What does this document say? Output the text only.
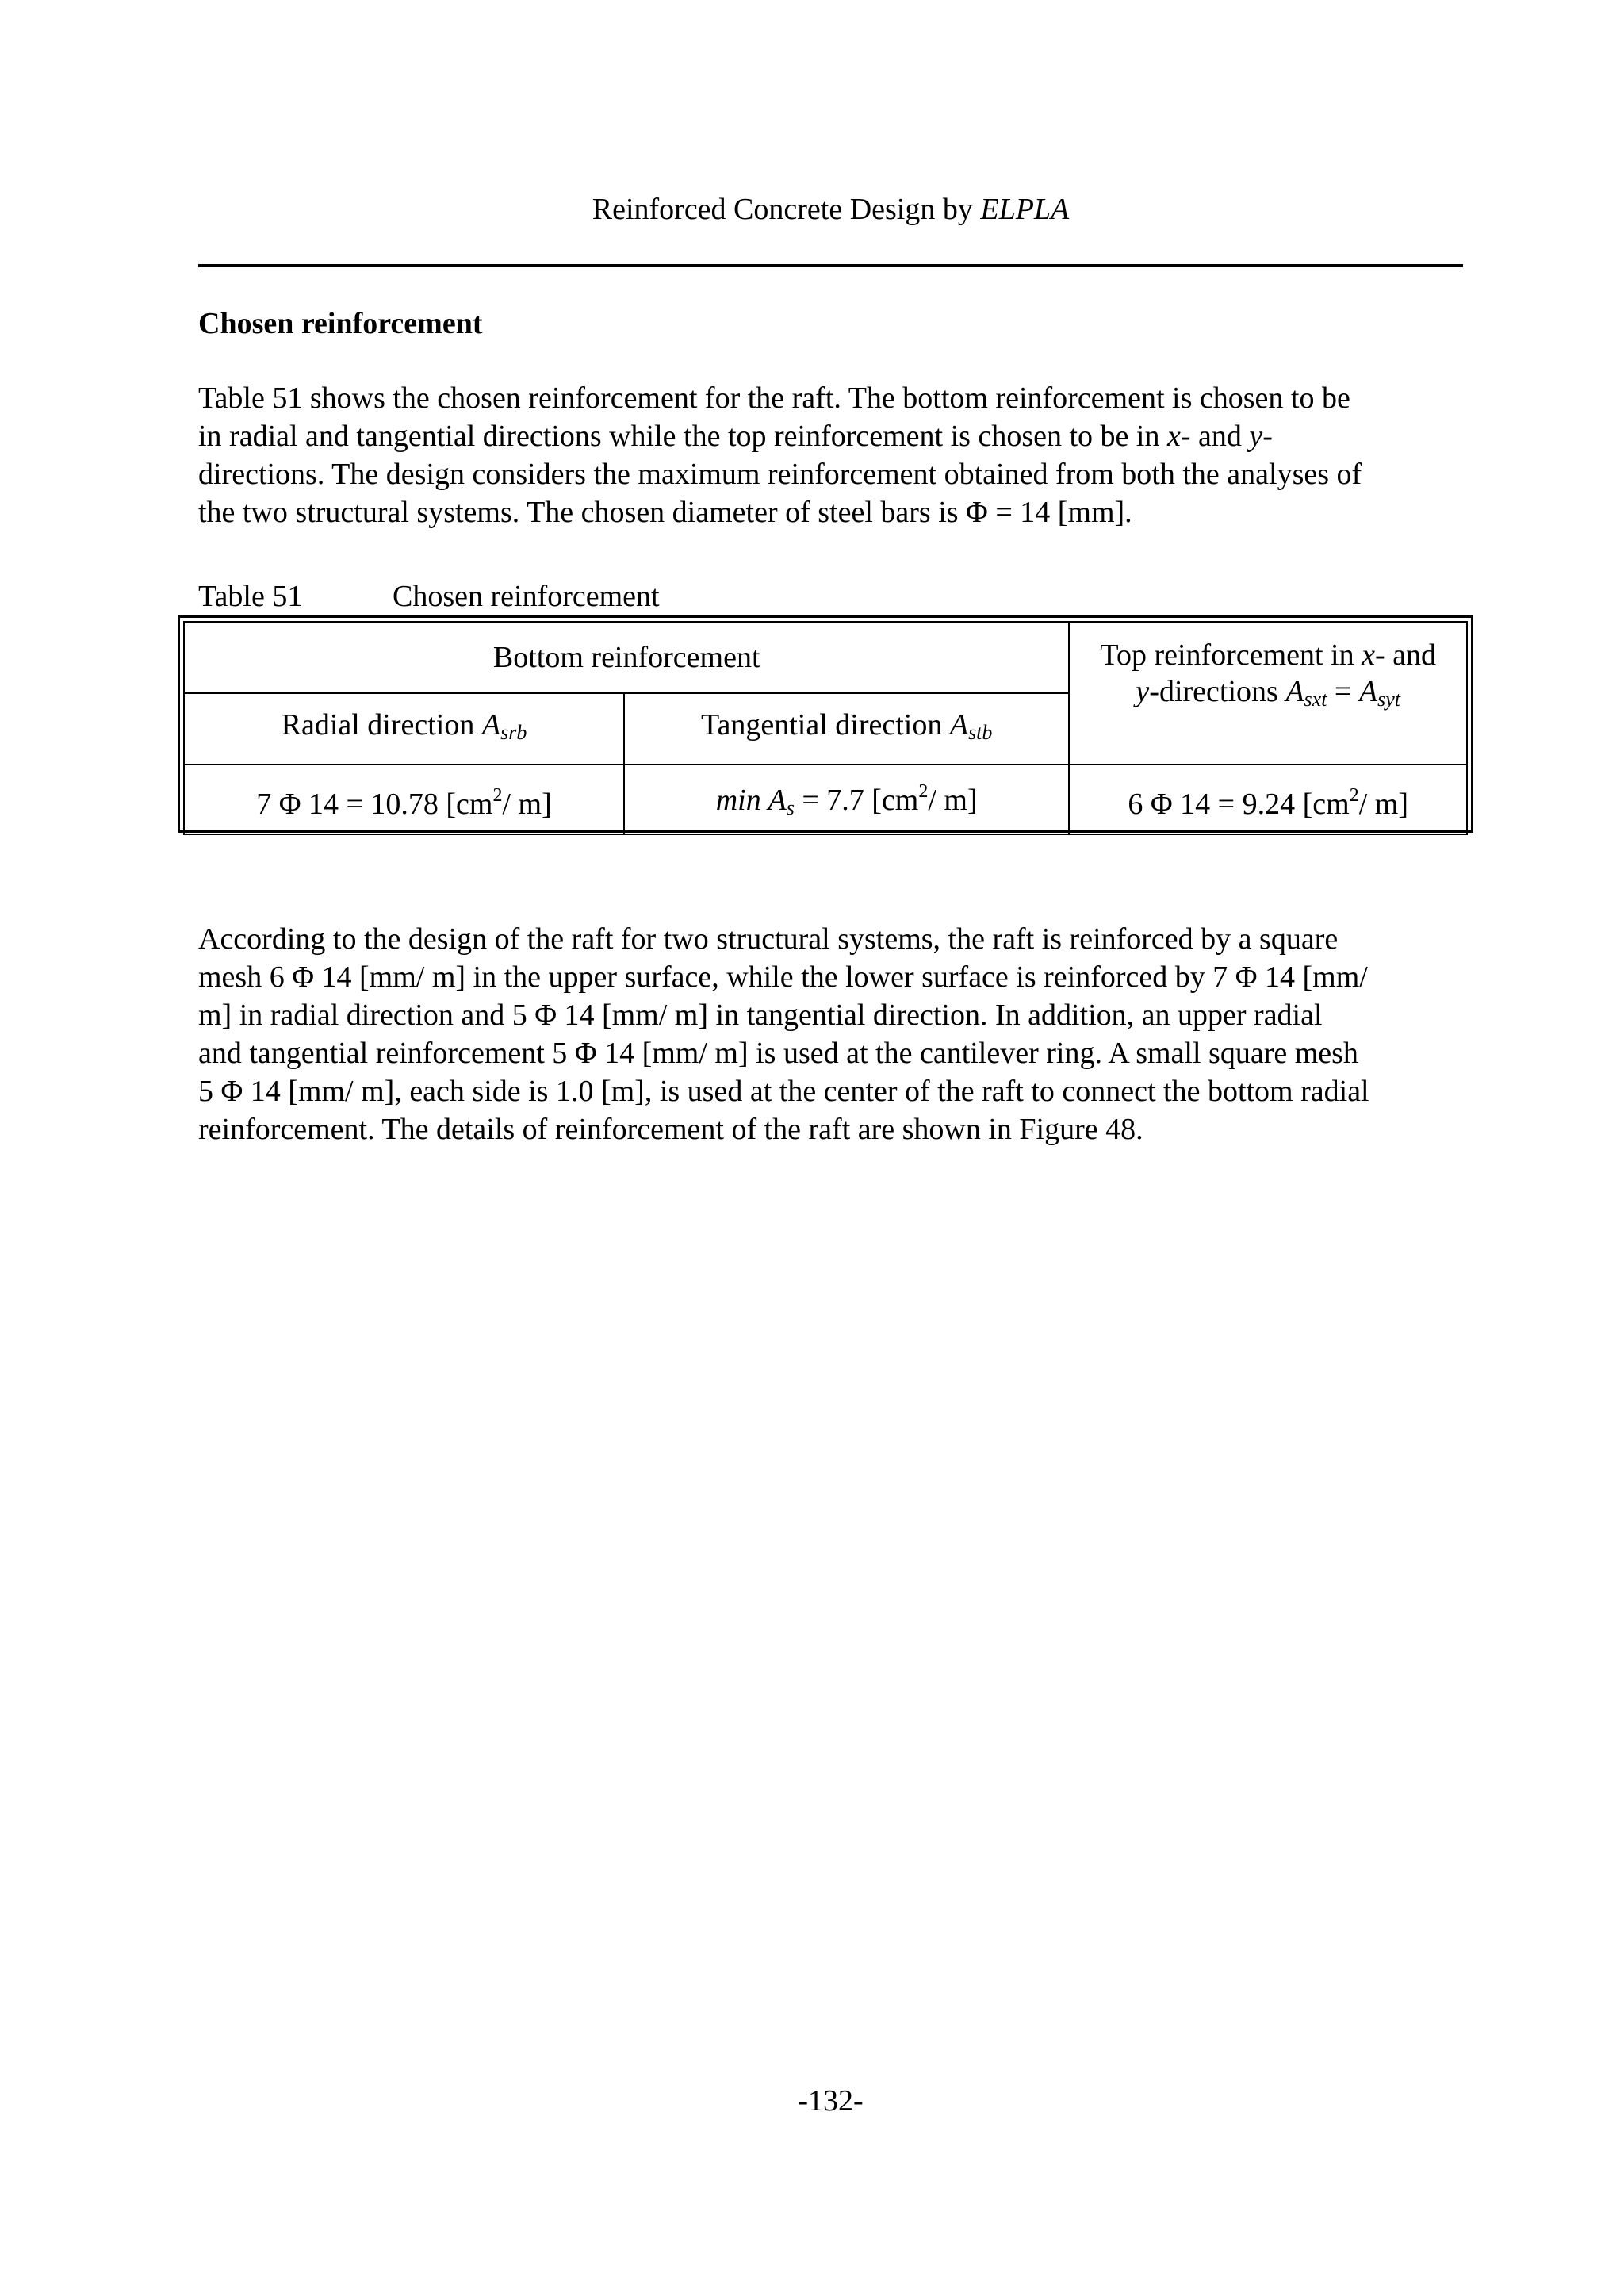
Reinforced Concrete Design by ELPLA
Chosen reinforcement

Table 51 shows the chosen reinforcement for the raft. The bottom reinforcement is chosen to be
in radial and tangential directions while the top reinforcement is chosen to be in x- and y-
directions. The design considers the maximum reinforcement obtained from both the analyses of
the two structural systems. The chosen diameter of steel bars is Φ = 14 [mm].

Table 51	Chosen reinforcement
Bottom reinforcement		Top reinforcement in x- and
y-directions $A_{sxt} = A_{syt}$
Radial direction $A_{srb}$	Tangential direction $A_{stb}$
7 Φ 14 = 10.78 [$cm^2/$ m]	$\min A_s = 7.7$ [$cm^2/$ m]	6 Φ 14 = 9.24 [$cm^2/$ m]

According to the design of the raft for two structural systems, the raft is reinforced by a square
mesh 6 Φ 14 [mm/ m] in the upper surface, while the lower surface is reinforced by 7 Φ 14 [mm/
m] in radial direction and 5 Φ 14 [mm/ m] in tangential direction. In addition, an upper radial
and tangential reinforcement 5 Φ 14 [mm/ m] is used at the cantilever ring. A small square mesh
5 Φ 14 [mm/ m], each side is 1.0 [m], is used at the center of the raft to connect the bottom radial
reinforcement. The details of reinforcement of the raft are shown in Figure 48.

-132-
